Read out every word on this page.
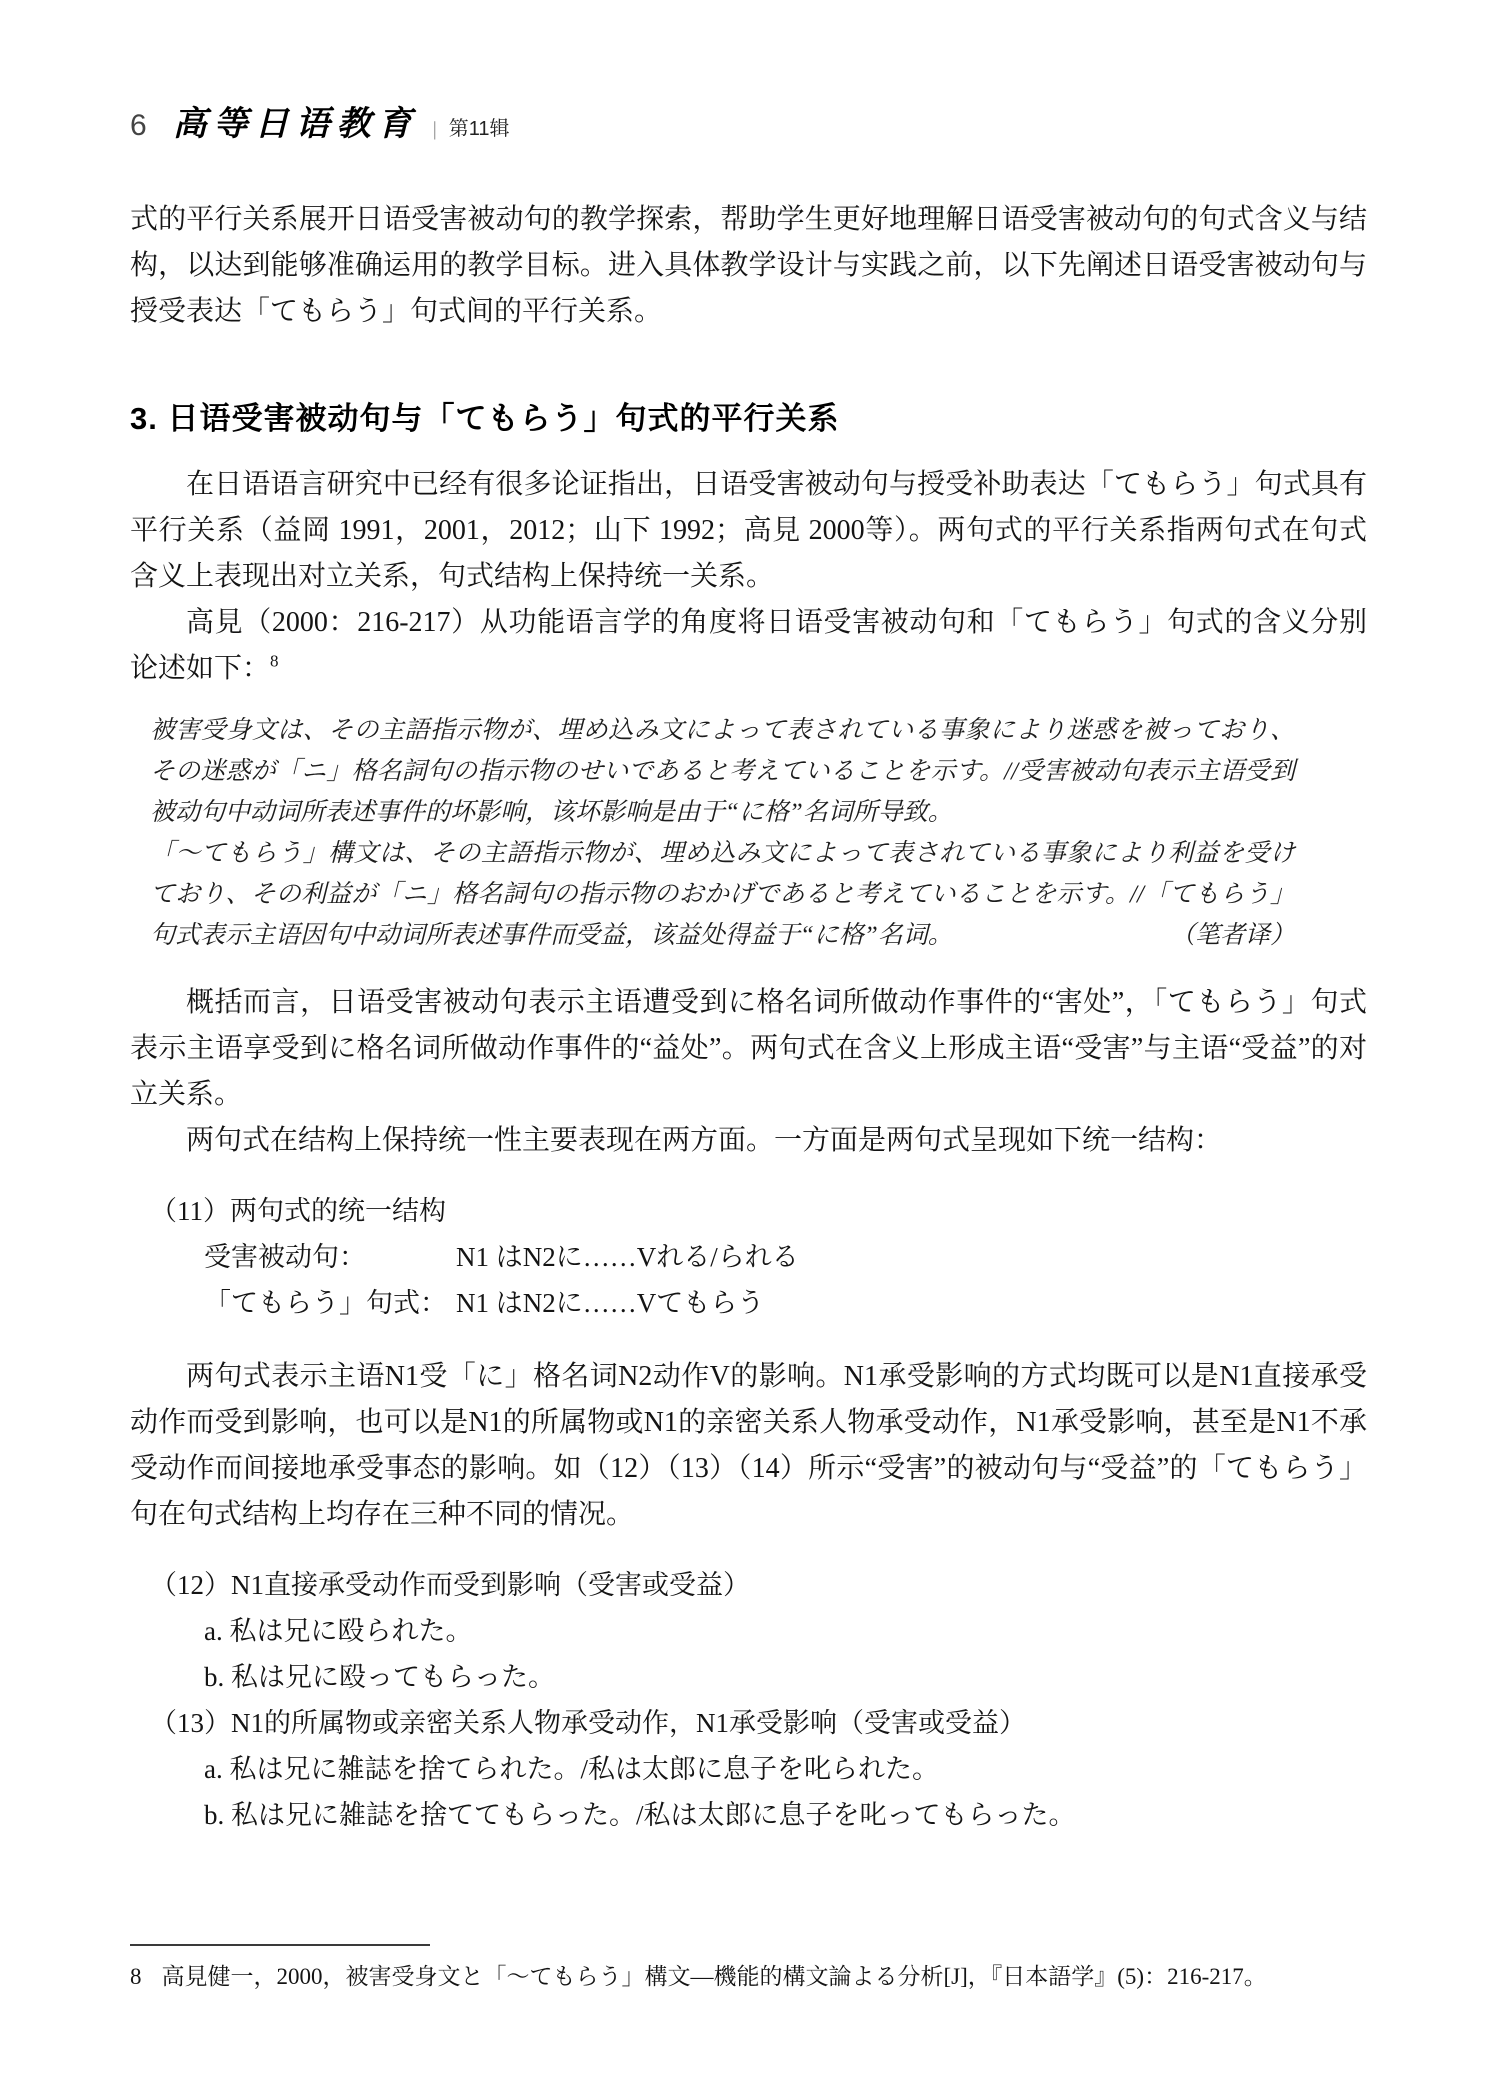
6 高等日语教育 | 第11辑

式的平行关系展开日语受害被动句的教学探索，帮助学生更好地理解日语受害被动句的句式含义与结构，以达到能够准确运用的教学目标。进入具体教学设计与实践之前，以下先阐述日语受害被动句与授受表达「てもらう」句式间的平行关系。

3. 日语受害被动句与「てもらう」句式的平行关系

在日语语言研究中已经有很多论证指出，日语受害被动句与授受补助表达「てもらう」句式具有平行关系（益岡 1991，2001，2012；山下 1992；高見 2000等）。两句式的平行关系指两句式在句式含义上表现出对立关系，句式结构上保持统一关系。

高見（2000：216-217）从功能语言学的角度将日语受害被动句和「てもらう」句式的含义分别论述如下：$^8$

被害受身文は、その主語指示物が、埋め込み文によって表されている事象により迷惑を被っており、その迷惑が「ニ」格名詞句の指示物のせいであると考えていることを示す。//受害被动句表示主语受到被动句中动词所表述事件的坏影响，该坏影响是由于“に格”名词所导致。

「〜てもらう」構文は、その主語指示物が、埋め込み文によって表されている事象により利益を受けており、その利益が「ニ」格名詞句の指示物のおかげであると考えていることを示す。//「てもらう」句式表示主语因句中动词所表述事件而受益，该益处得益于“に格”名词。	（笔者译）

概括而言，日语受害被动句表示主语遭受到に格名词所做动作事件的“害处”，「てもらう」句式表示主语享受到に格名词所做动作事件的“益处”。两句式在含义上形成主语“受害”与主语“受益”的对立关系。

两句式在结构上保持统一性主要表现在两方面。一方面是两句式呈现如下统一结构：

（11）两句式的统一结构
受害被动句：	N1 はN2に……Vれる/られる
「てもらう」句式： N1 はN2に……Vてもらう

两句式表示主语N1受「に」格名词N2动作V的影响。N1承受影响的方式均既可以是N1直接承受动作而受到影响，也可以是N1的所属物或N1的亲密关系人物承受动作，N1承受影响，甚至是N1不承受动作而间接地承受事态的影响。如（12）（13）（14）所示“受害”的被动句与“受益”的「てもらう」句在句式结构上均存在三种不同的情况。

（12）N1直接承受动作而受到影响（受害或受益）
a. 私は兄に殴られた。
b. 私は兄に殴ってもらった。
（13）N1的所属物或亲密关系人物承受动作，N1承受影响（受害或受益）
a. 私は兄に雑誌を捨てられた。/私は太郎に息子を叱られた。
b. 私は兄に雑誌を捨ててもらった。/私は太郎に息子を叱ってもらった。

8 高見健一，2000，被害受身文と「〜てもらう」構文—機能的構文論よる分析[J]，『日本語学』(5)：216-217。
